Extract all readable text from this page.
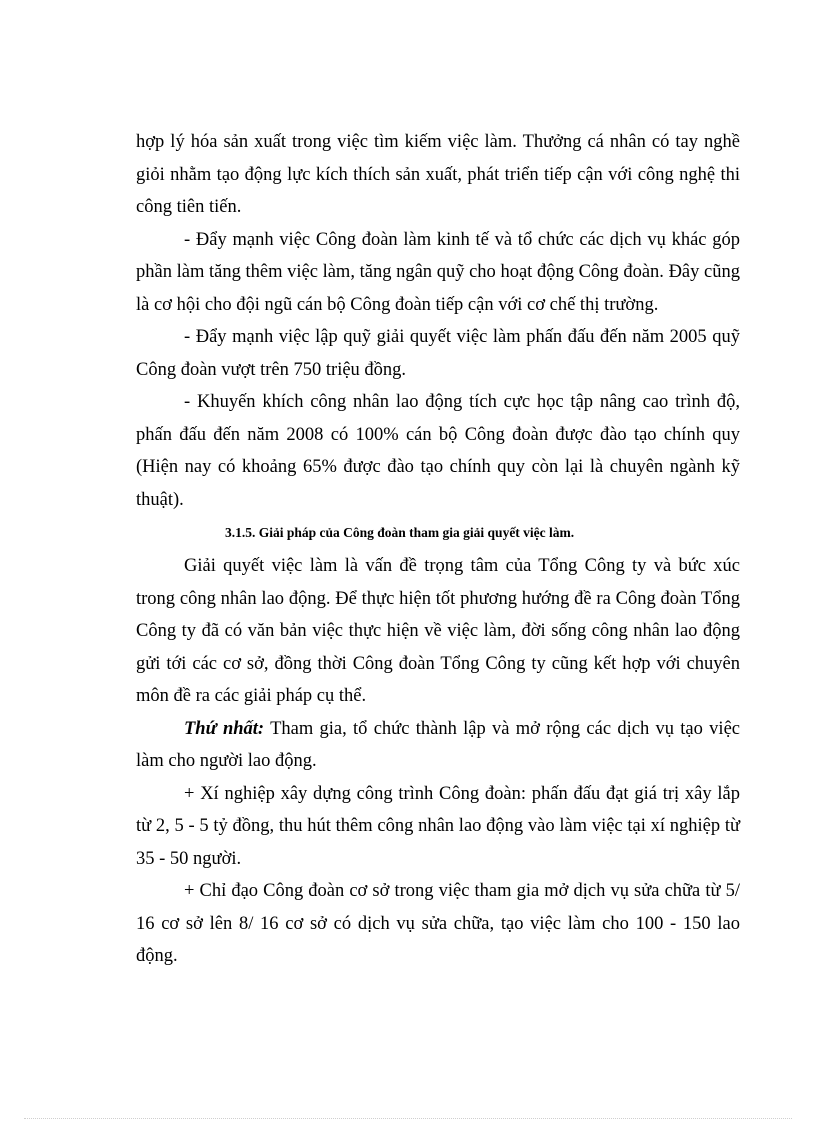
hợp lý hóa sản xuất trong việc tìm kiếm việc làm. Thưởng cá nhân có tay nghề giỏi nhằm tạo động lực kích thích sản xuất, phát triển tiếp cận với công nghệ thi công tiên tiến.

- Đẩy mạnh việc Công đoàn làm kinh tế và tổ chức các dịch vụ khác góp phần làm tăng thêm việc làm, tăng ngân quỹ cho hoạt động Công đoàn. Đây cũng là cơ hội cho đội ngũ cán bộ Công đoàn tiếp cận với cơ chế thị trường.

- Đẩy mạnh việc lập quỹ giải quyết việc làm phấn đấu đến năm 2005 quỹ Công đoàn vượt trên 750 triệu đồng.

- Khuyến khích công nhân lao động tích cực học tập nâng cao trình độ, phấn đấu đến năm 2008 có 100% cán bộ Công đoàn được đào tạo chính quy (Hiện nay có khoảng 65% được đào tạo chính quy còn lại là chuyên ngành kỹ thuật).

3.1.5. Giải pháp của Công đoàn tham gia giải quyết việc làm.

Giải quyết việc làm là vấn đề trọng tâm của Tổng Công ty và bức xúc trong công nhân lao động. Để thực hiện tốt phương hướng đề ra Công đoàn Tổng Công ty đã có văn bản việc thực hiện về việc làm, đời sống công nhân lao động gửi tới các cơ sở, đồng thời Công đoàn Tổng Công ty cũng kết hợp với chuyên môn đề ra các giải pháp cụ thể.

Thứ nhất: Tham gia, tổ chức thành lập và mở rộng các dịch vụ tạo việc làm cho người lao động.

+ Xí nghiệp xây dựng công trình Công đoàn: phấn đấu đạt giá trị xây lắp từ 2, 5 - 5 tỷ đồng, thu hút thêm công nhân lao động vào làm việc tại xí nghiệp từ 35 - 50 người.

+ Chỉ đạo Công đoàn cơ sở trong việc tham gia mở dịch vụ sửa chữa từ 5/ 16 cơ sở lên 8/ 16 cơ sở có dịch vụ sửa chữa, tạo việc làm cho 100 - 150 lao động.
